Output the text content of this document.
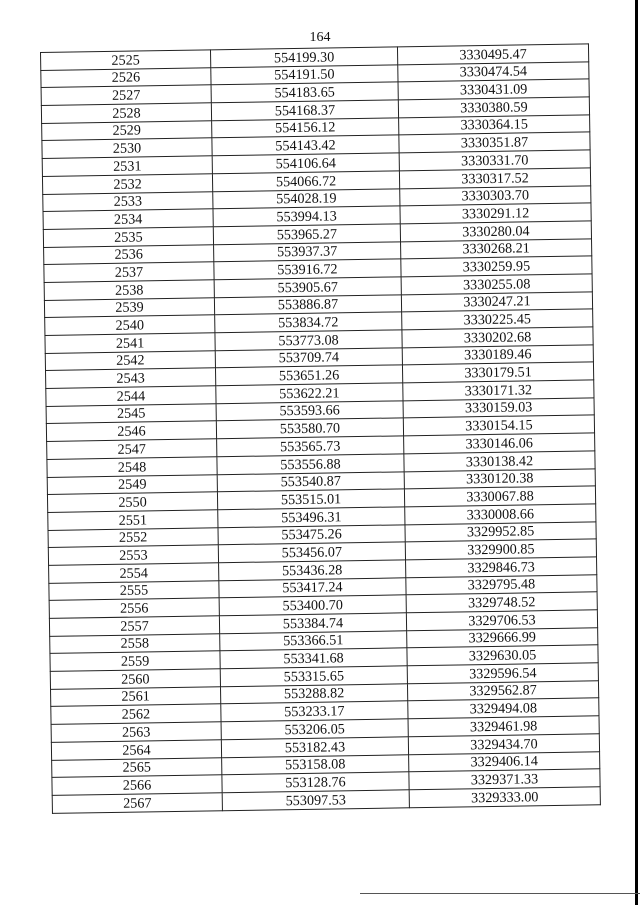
164
2525	554199.30	3330495.47
2526	554191.50	3330474.54
2527	554183.65	3330431.09
2528	554168.37	3330380.59
2529	554156.12	3330364.15
2530	554143.42	3330351.87
2531	554106.64	3330331.70
2532	554066.72	3330317.52
2533	554028.19	3330303.70
2534	553994.13	3330291.12
2535	553965.27	3330280.04
2536	553937.37	3330268.21
2537	553916.72	3330259.95
2538	553905.67	3330255.08
2539	553886.87	3330247.21
2540	553834.72	3330225.45
2541	553773.08	3330202.68
2542	553709.74	3330189.46
2543	553651.26	3330179.51
2544	553622.21	3330171.32
2545	553593.66	3330159.03
2546	553580.70	3330154.15
2547	553565.73	3330146.06
2548	553556.88	3330138.42
2549	553540.87	3330120.38
2550	553515.01	3330067.88
2551	553496.31	3330008.66
2552	553475.26	3329952.85
2553	553456.07	3329900.85
2554	553436.28	3329846.73
2555	553417.24	3329795.48
2556	553400.70	3329748.52
2557	553384.74	3329706.53
2558	553366.51	3329666.99
2559	553341.68	3329630.05
2560	553315.65	3329596.54
2561	553288.82	3329562.87
2562	553233.17	3329494.08
2563	553206.05	3329461.98
2564	553182.43	3329434.70
2565	553158.08	3329406.14
2566	553128.76	3329371.33
2567	553097.53	3329333.00
